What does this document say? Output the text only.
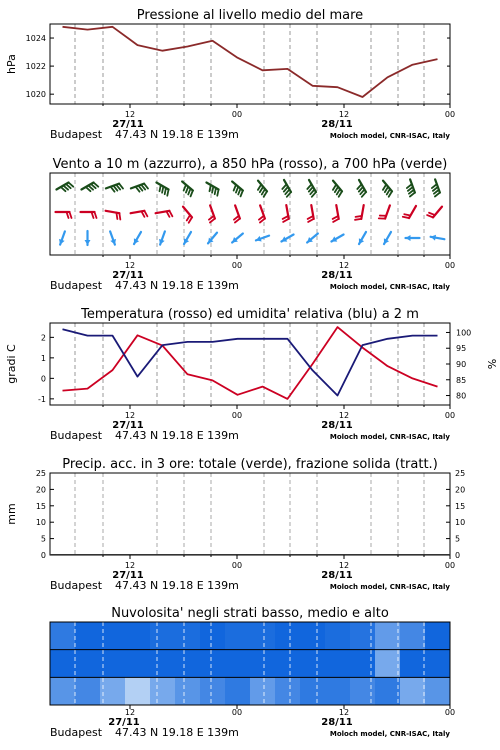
Pressione al livello medio del mare
12	00	12	00
27/11	28/11
Budapest 47.43 N 19.18 E 139m	Moloch model, CNR-ISAC, Italy
1020
1022
1024
hPa
Vento a 10 m (azzurro), a 850 hPa (rosso), a 700 hPa (verde)
12	00	12	00
27/11	28/11
Budapest 47.43 N 19.18 E 139m	Moloch model, CNR-ISAC, Italy
Temperatura (rosso) ed umidita' relativa (blu) a 2 m
12	00	12	00
27/11	28/11
Budapest 47.43 N 19.18 E 139m	Moloch model, CNR-ISAC, Italy
-1
0
1
2
80
85
90
95
100
gradi C	%
Precip. acc. in 3 ore: totale (verde), frazione solida (tratt.)
12	00	12	00
27/11	28/11
Budapest 47.43 N 19.18 E 139m	Moloch model, CNR-ISAC, Italy
0
5
10
15
20
25
0
5
10
15
20
25
mm
Nuvolosita' negli strati basso, medio e alto
12	00	12	00
27/11	28/11
Budapest 47.43 N 19.18 E 139m	Moloch model, CNR-ISAC, Italy
